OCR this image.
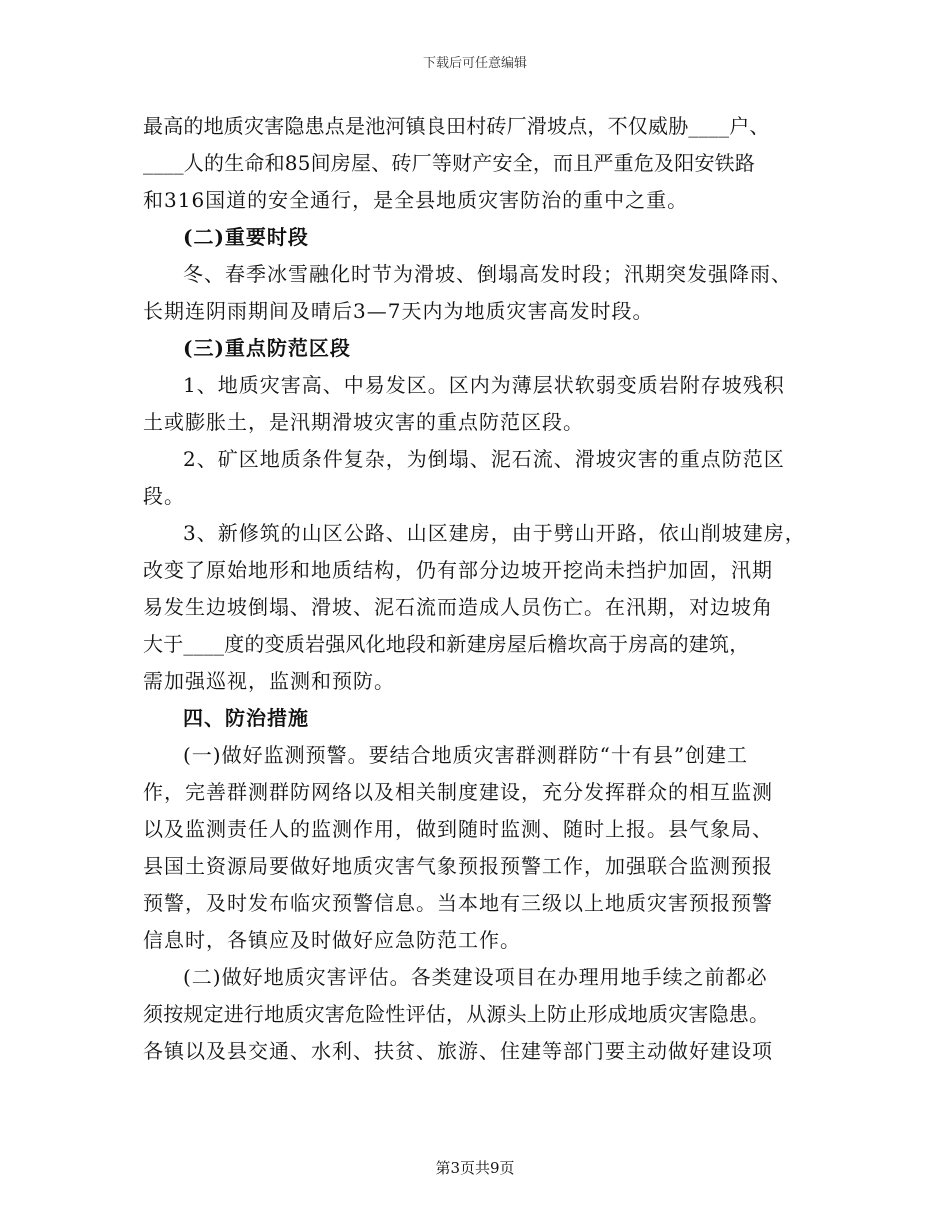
下载后可任意编辑
最高的地质灾害隐患点是池河镇良田村砖厂滑坡点，不仅威胁____户、
____人的生命和85间房屋、砖厂等财产安全，而且严重危及阳安铁路
和316国道的安全通行，是全县地质灾害防治的重中之重。
(二)重要时段
冬、春季冰雪融化时节为滑坡、倒塌高发时段；汛期突发强降雨、
长期连阴雨期间及晴后3—7天内为地质灾害高发时段。
(三)重点防范区段
1、地质灾害高、中易发区。区内为薄层状软弱变质岩附存坡残积
土或膨胀土，是汛期滑坡灾害的重点防范区段。
2、矿区地质条件复杂，为倒塌、泥石流、滑坡灾害的重点防范区
段。
3、新修筑的山区公路、山区建房，由于劈山开路，依山削坡建房，
改变了原始地形和地质结构，仍有部分边坡开挖尚未挡护加固，汛期
易发生边坡倒塌、滑坡、泥石流而造成人员伤亡。在汛期，对边坡角
大于____度的变质岩强风化地段和新建房屋后檐坎高于房高的建筑，
需加强巡视，监测和预防。
四、防治措施
(一)做好监测预警。要结合地质灾害群测群防“十有县”创建工
作，完善群测群防网络以及相关制度建设，充分发挥群众的相互监测
以及监测责任人的监测作用，做到随时监测、随时上报。县气象局、
县国土资源局要做好地质灾害气象预报预警工作，加强联合监测预报
预警，及时发布临灾预警信息。当本地有三级以上地质灾害预报预警
信息时，各镇应及时做好应急防范工作。
(二)做好地质灾害评估。各类建设项目在办理用地手续之前都必
须按规定进行地质灾害危险性评估，从源头上防止形成地质灾害隐患。
各镇以及县交通、水利、扶贫、旅游、住建等部门要主动做好建设项
第3页共9页
